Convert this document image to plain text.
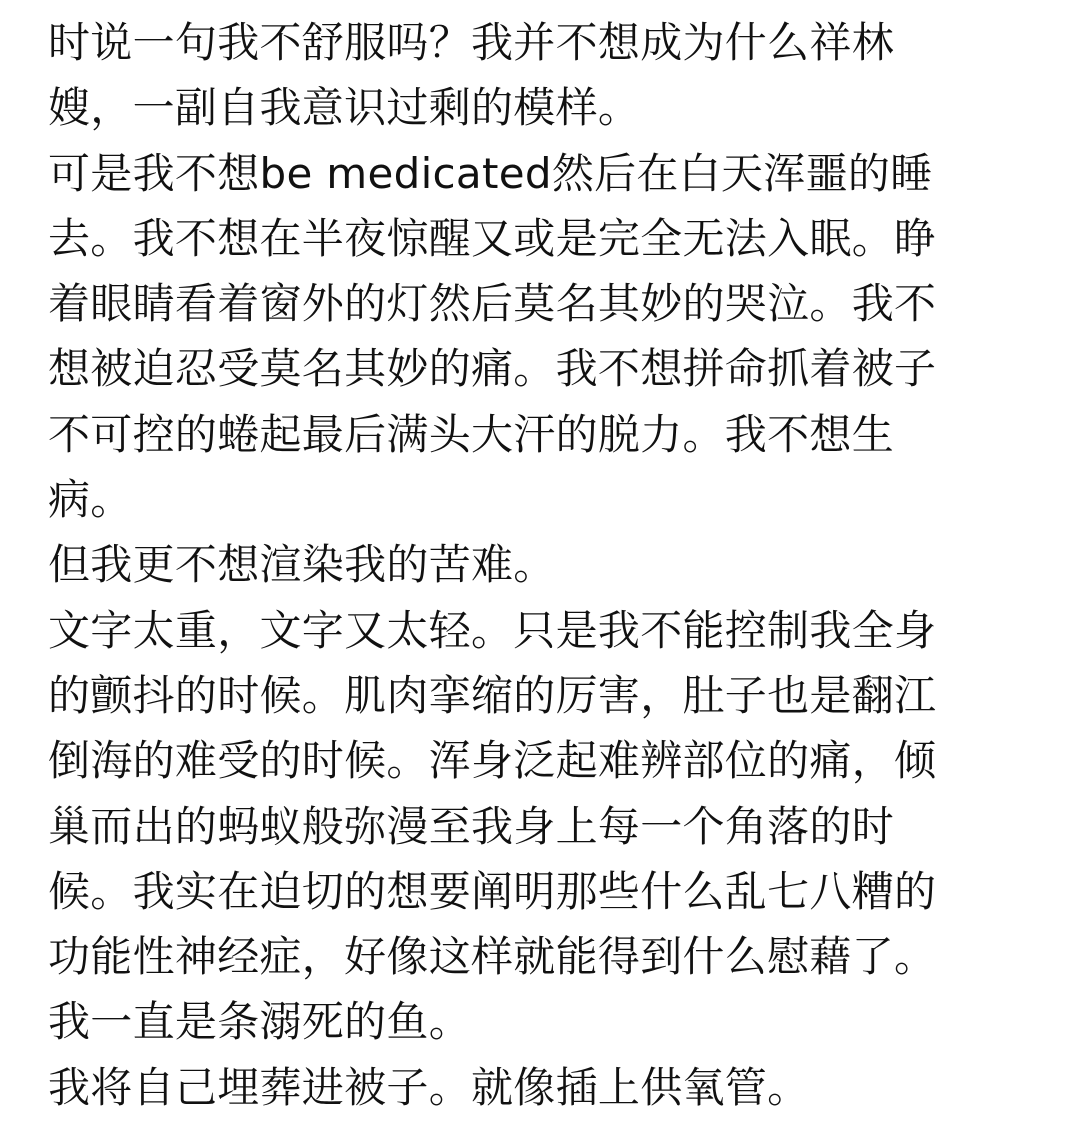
时说一句我不舒服吗？我并不想成为什么祥林
嫂，一副自我意识过剩的模样。
可是我不想be medicated然后在白天浑噩的睡
去。我不想在半夜惊醒又或是完全无法入眠。睁
着眼睛看着窗外的灯然后莫名其妙的哭泣。我不
想被迫忍受莫名其妙的痛。我不想拼命抓着被子
不可控的蜷起最后满头大汗的脱力。我不想生
病。
但我更不想渲染我的苦难。
文字太重，文字又太轻。只是我不能控制我全身
的颤抖的时候。肌肉挛缩的厉害，肚子也是翻江
倒海的难受的时候。浑身泛起难辨部位的痛，倾
巢而出的蚂蚁般弥漫至我身上每一个角落的时
候。我实在迫切的想要阐明那些什么乱七八糟的
功能性神经症，好像这样就能得到什么慰藉了。
我一直是条溺死的鱼。
我将自己埋葬进被子。就像插上供氧管。
